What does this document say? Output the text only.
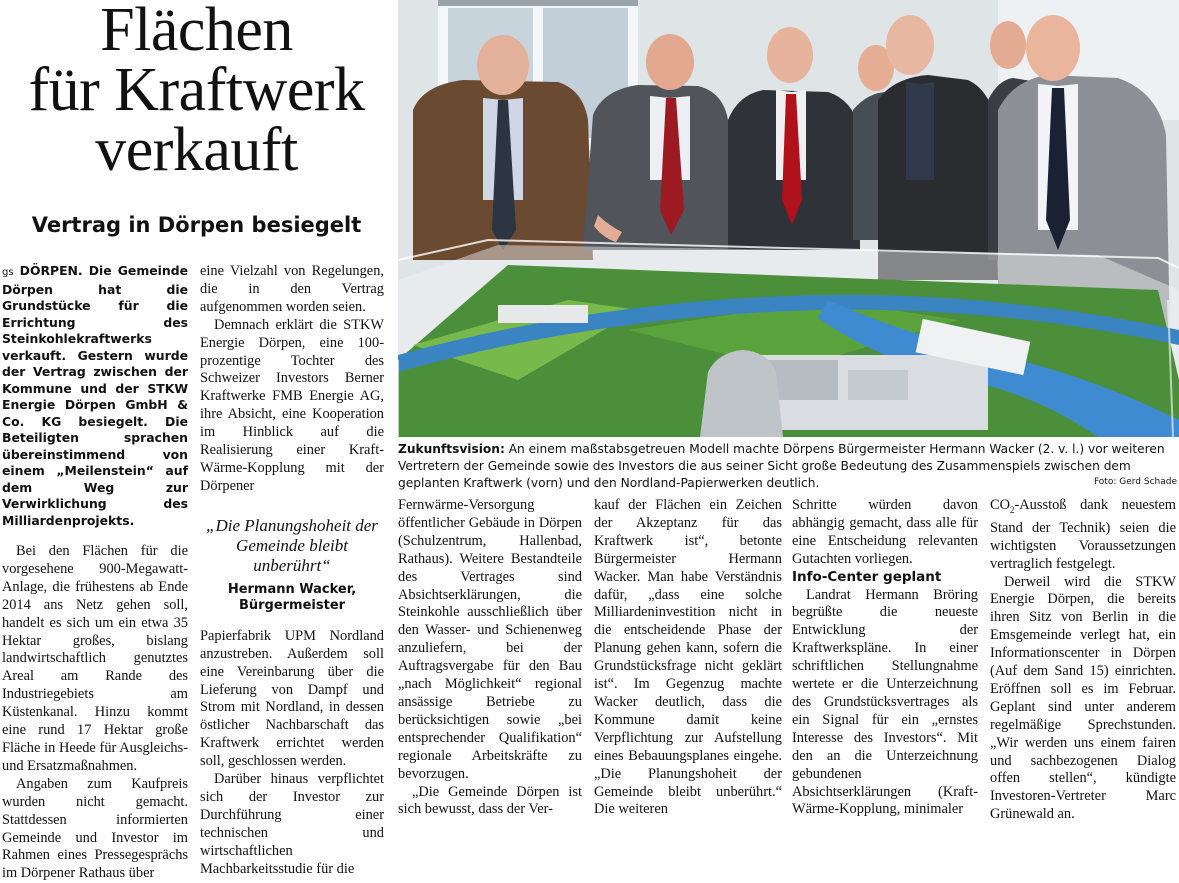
Flächen
für Kraftwerk
verkauft
Vertrag in Dörpen besiegelt

gs DÖRPEN. Die Gemeinde Dörpen hat die Grundstücke für die Errichtung des Steinkohlekraftwerks verkauft. Gestern wurde der Vertrag zwischen der Kommune und der STKW Energie Dörpen GmbH & Co. KG besiegelt. Die Beteiligten sprachen übereinstimmend von einem „Meilenstein“ auf dem Weg zur Verwirklichung des Milliardenprojekts.

Bei den Flächen für die vorgesehene 900-Megawatt-Anlage, die frühestens ab Ende 2014 ans Netz gehen soll, handelt es sich um ein etwa 35 Hektar großes, bislang landwirtschaftlich genutztes Areal am Rande des Industriegebiets am Küstenkanal. Hinzu kommt eine rund 17 Hektar große Fläche in Heede für Ausgleichs- und Ersatzmaßnahmen.

Angaben zum Kaufpreis wurden nicht gemacht. Stattdessen informierten Gemeinde und Investor im Rahmen eines Pressegesprächs im Dörpener Rathaus über

eine Vielzahl von Regelungen, die in den Vertrag aufgenommen worden seien.

Demnach erklärt die STKW Energie Dörpen, eine 100-prozentige Tochter des Schweizer Investors Berner Kraftwerke FMB Energie AG, ihre Absicht, eine Kooperation im Hinblick auf die Realisierung einer Kraft-Wärme-Kopplung mit der Dörpener

„Die Planungshoheit der Gemeinde bleibt unberührt“
Hermann Wacker, Bürgermeister

Papierfabrik UPM Nordland anzustreben. Außerdem soll eine Vereinbarung über die Lieferung von Dampf und Strom mit Nordland, in dessen östlicher Nachbarschaft das Kraftwerk errichtet werden soll, geschlossen werden.

Darüber hinaus verpflichtet sich der Investor zur Durchführung einer technischen und wirtschaftlichen Machbarkeitsstudie für die

Zukunftsvision: An einem maßstabsgetreuen Modell machte Dörpens Bürgermeister Hermann Wacker (2. v. l.) vor weiteren Vertretern der Gemeinde sowie des Investors die aus seiner Sicht große Bedeutung des Zusammenspiels zwischen dem geplanten Kraftwerk (vorn) und den Nordland-Papierwerken deutlich.	Foto: Gerd Schade

Fernwärme-Versorgung öffentlicher Gebäude in Dörpen (Schulzentrum, Hallenbad, Rathaus). Weitere Bestandteile des Vertrages sind Absichtserklärungen, die Steinkohle ausschließlich über den Wasser- und Schienenweg anzuliefern, bei der Auftragsvergabe für den Bau „nach Möglichkeit“ regional ansässige Betriebe zu berücksichtigen sowie „bei entsprechender Qualifikation“ regionale Arbeitskräfte zu bevorzugen.

„Die Gemeinde Dörpen ist sich bewusst, dass der Ver-

kauf der Flächen ein Zeichen der Akzeptanz für das Kraftwerk ist“, betonte Bürgermeister Hermann Wacker. Man habe Verständnis dafür, „dass eine solche Milliardeninvestition nicht in die entscheidende Phase der Planung gehen kann, sofern die Grundstücksfrage nicht geklärt ist“. Im Gegenzug machte Wacker deutlich, dass die Kommune damit keine Verpflichtung zur Aufstellung eines Bebauungsplanes eingehe. „Die Planungshoheit der Gemeinde bleibt unberührt.“ Die weiteren

Schritte würden davon abhängig gemacht, dass alle für eine Entscheidung relevanten Gutachten vorliegen.

Info-Center geplant

Landrat Hermann Bröring begrüßte die neueste Entwicklung der Kraftwerkspläne. In einer schriftlichen Stellungnahme wertete er die Unterzeichnung des Grundstücksvertrages als ein Signal für ein „ernstes Interesse des Investors“. Mit den an die Unterzeichnung gebundenen Absichtserklärungen (Kraft-Wärme-Kopplung, minimaler

$CO_2$-Ausstoß dank neuestem Stand der Technik) seien die wichtigsten Voraussetzungen vertraglich festgelegt.

Derweil wird die STKW Energie Dörpen, die bereits ihren Sitz von Berlin in die Emsgemeinde verlegt hat, ein Informationscenter in Dörpen (Auf dem Sand 15) einrichten. Eröffnen soll es im Februar. Geplant sind unter anderem regelmäßige Sprechstunden. „Wir werden uns einem fairen und sachbezogenen Dialog offen stellen“, kündigte Investoren-Vertreter Marc Grünewald an.
